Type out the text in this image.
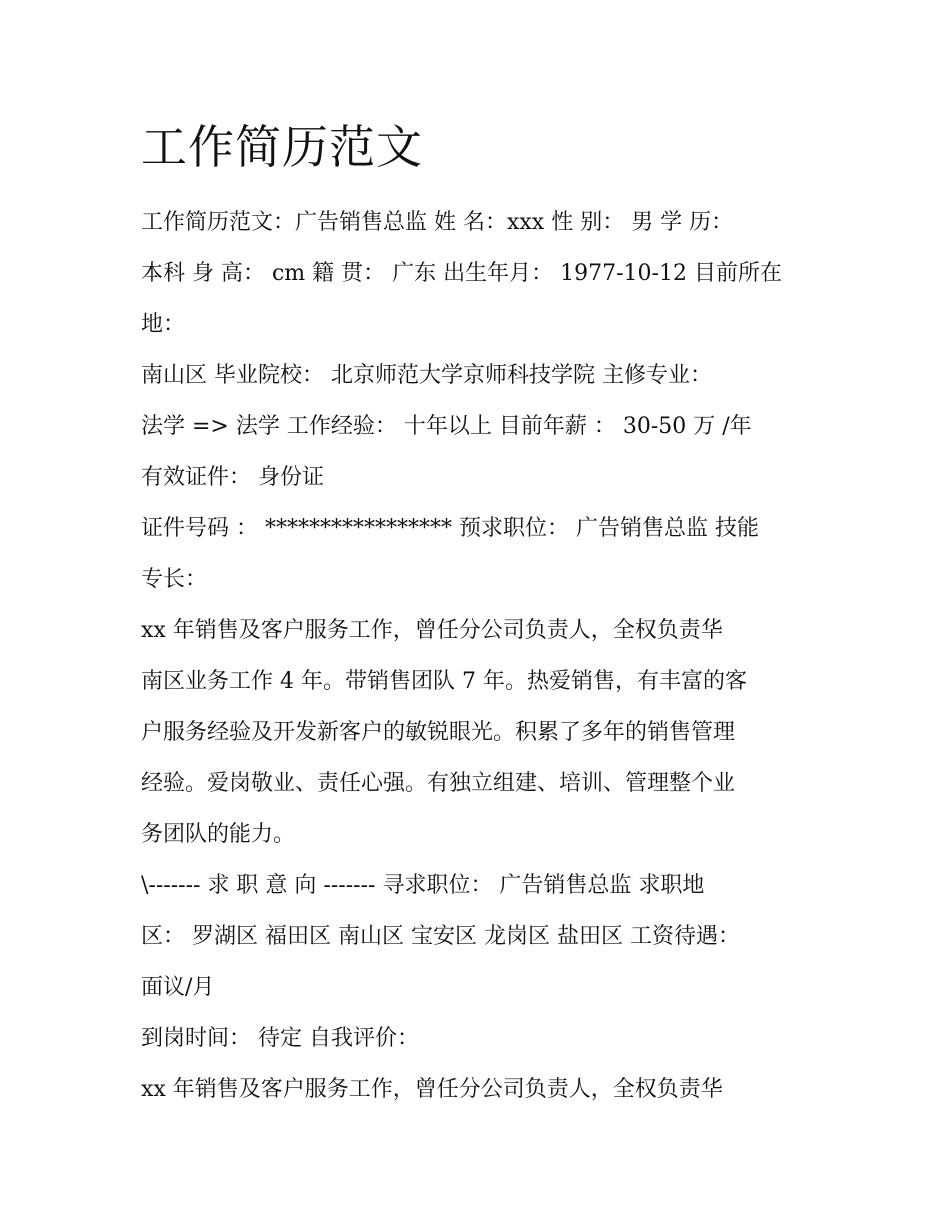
工作简历范文
工作简历范文：广告销售总监 姓 名：xxx 性 别： 男 学 历：
本科 身 高： cm 籍 贯： 广东 出生年月： 1977-10-12 目前所在
地：
南山区 毕业院校： 北京师范大学京师科技学院 主修专业：
法学 => 法学 工作经验： 十年以上 目前年薪 ： 30-50 万 /年
有效证件： 身份证
证件号码 ： ***************** 预求职位： 广告销售总监 技能
专长：
xx 年销售及客户服务工作，曾任分公司负责人，全权负责华
南区业务工作 4 年。带销售团队 7 年。热爱销售，有丰富的客
户服务经验及开发新客户的敏锐眼光。积累了多年的销售管理
经验。爱岗敬业、责任心强。有独立组建、培训、管理整个业
务团队的能力。
\------- 求 职 意 向 ------- 寻求职位： 广告销售总监 求职地
区： 罗湖区 福田区 南山区 宝安区 龙岗区 盐田区 工资待遇：
面议/月
到岗时间： 待定 自我评价：
xx 年销售及客户服务工作，曾任分公司负责人，全权负责华
